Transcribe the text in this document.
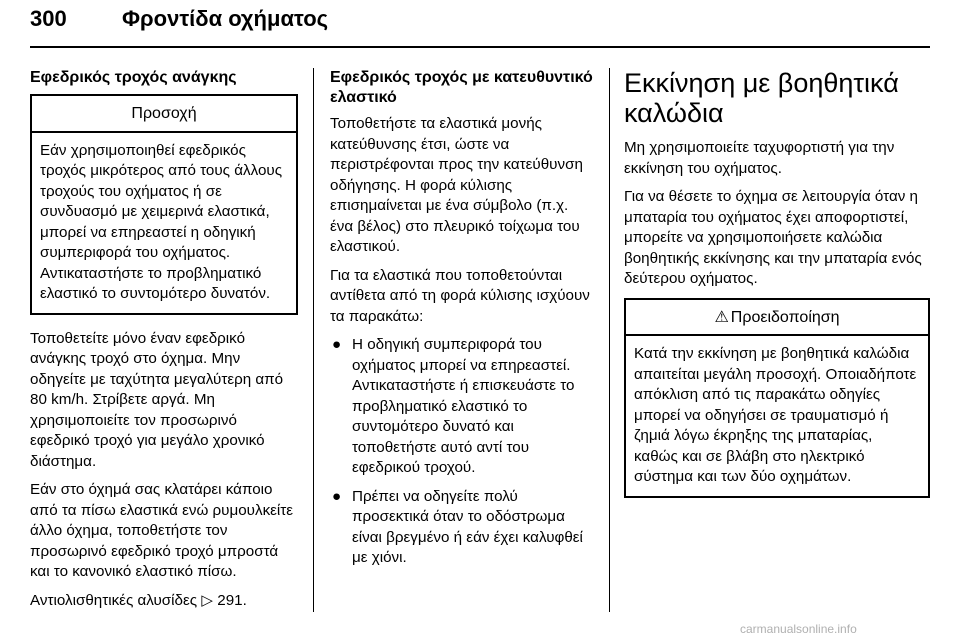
300	Φροντίδα οχήματος
Εφεδρικός τροχός ανάγκης
Προσοχή
Εάν χρησιμοποιηθεί εφεδρικός τροχός μικρότερος από τους άλλους τροχούς του οχήματος ή σε συνδυασμό με χειμερινά ελαστικά, μπορεί να επηρεαστεί η οδηγική συμπεριφορά του οχήματος. Αντικαταστήστε το προβληματικό ελαστικό το συντομότερο δυνατόν.

Τοποθετείτε μόνο έναν εφεδρικό ανάγκης τροχό στο όχημα. Μην οδηγείτε με ταχύτητα μεγαλύτερη από 80 km/h. Στρίβετε αργά. Μη χρησιμοποιείτε τον προσωρινό εφεδρικό τροχό για μεγάλο χρονικό διάστημα.

Εάν στο όχημά σας κλατάρει κάποιο από τα πίσω ελαστικά ενώ ρυμουλκείτε άλλο όχημα, τοποθετήστε τον προσωρινό εφεδρικό τροχό μπροστά και το κανονικό ελαστικό πίσω.

Αντιολισθητικές αλυσίδες ▷ 291.

Εφεδρικός τροχός με κατευθυντικό ελαστικό

Τοποθετήστε τα ελαστικά μονής κατεύθυνσης έτσι, ώστε να περιστρέφονται προς την κατεύθυνση οδήγησης. Η φορά κύλισης επισημαίνεται με ένα σύμβολο (π.χ. ένα βέλος) στο πλευρικό τοίχωμα του ελαστικού.

Για τα ελαστικά που τοποθετούνται αντίθετα από τη φορά κύλισης ισχύουν τα παρακάτω:

● Η οδηγική συμπεριφορά του οχήματος μπορεί να επηρεαστεί. Αντικαταστήστε ή επισκευάστε το προβληματικό ελαστικό το συντομότερο δυνατό και τοποθετήστε αυτό αντί του εφεδρικού τροχού.
● Πρέπει να οδηγείτε πολύ προσεκτικά όταν το οδόστρωμα είναι βρεγμένο ή εάν έχει καλυφθεί με χιόνι.
Εκκίνηση με βοηθητικά καλώδια

Μη χρησιμοποιείτε ταχυφορτιστή για την εκκίνηση του οχήματος.

Για να θέσετε το όχημα σε λειτουργία όταν η μπαταρία του οχήματος έχει αποφορτιστεί, μπορείτε να χρησιμοποιήσετε καλώδια βοηθητικής εκκίνησης και την μπαταρία ενός δεύτερου οχήματος.

⚠ Προειδοποίηση
Κατά την εκκίνηση με βοηθητικά καλώδια απαιτείται μεγάλη προσοχή. Οποιαδήποτε απόκλιση από τις παρακάτω οδηγίες μπορεί να οδηγήσει σε τραυματισμό ή ζημιά λόγω έκρηξης της μπαταρίας, καθώς και σε βλάβη στο ηλεκτρικό σύστημα και των δύο οχημάτων.
carmanualsonline.info
